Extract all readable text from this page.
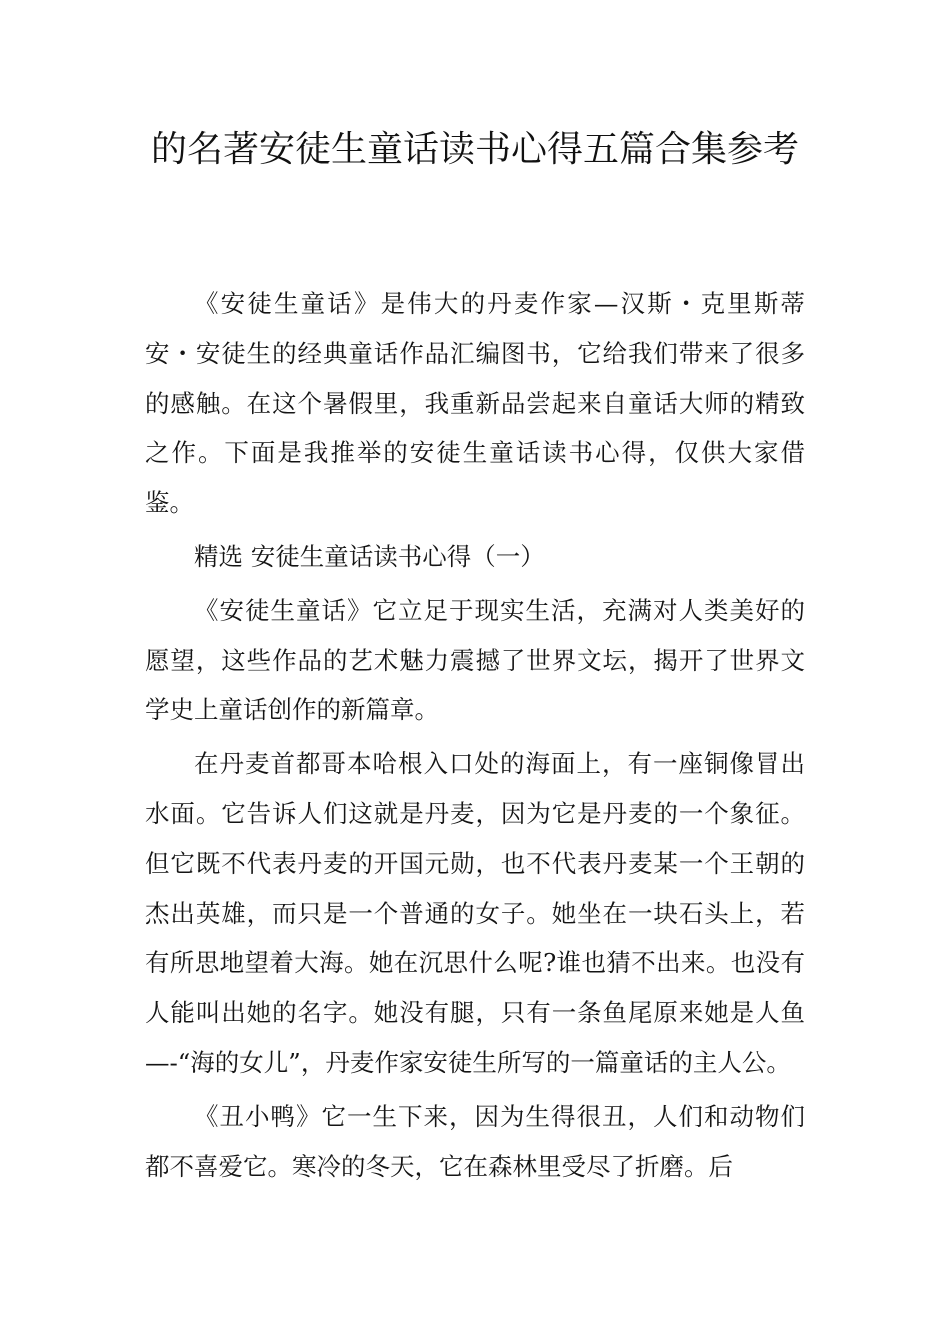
的名著安徒生童话读书心得五篇合集参考

《安徒生童话》是伟大的丹麦作家—汉斯・克里斯蒂安・安徒生的经典童话作品汇编图书，它给我们带来了很多的感触。在这个暑假里，我重新品尝起来自童话大师的精致之作。下面是我推举的安徒生童话读书心得，仅供大家借鉴。

精选 安徒生童话读书心得（一）

《安徒生童话》它立足于现实生活，充满对人类美好的愿望，这些作品的艺术魅力震撼了世界文坛，揭开了世界文学史上童话创作的新篇章。

在丹麦首都哥本哈根入口处的海面上，有一座铜像冒出水面。它告诉人们这就是丹麦，因为它是丹麦的一个象征。但它既不代表丹麦的开国元勋，也不代表丹麦某一个王朝的杰出英雄，而只是一个普通的女子。她坐在一块石头上，若有所思地望着大海。她在沉思什么呢?谁也猜不出来。也没有人能叫出她的名字。她没有腿，只有一条鱼尾原来她是人鱼—-“海的女儿”，丹麦作家安徒生所写的一篇童话的主人公。

《丑小鸭》它一生下来，因为生得很丑，人们和动物们都不喜爱它。寒冷的冬天，它在森林里受尽了折磨。后
